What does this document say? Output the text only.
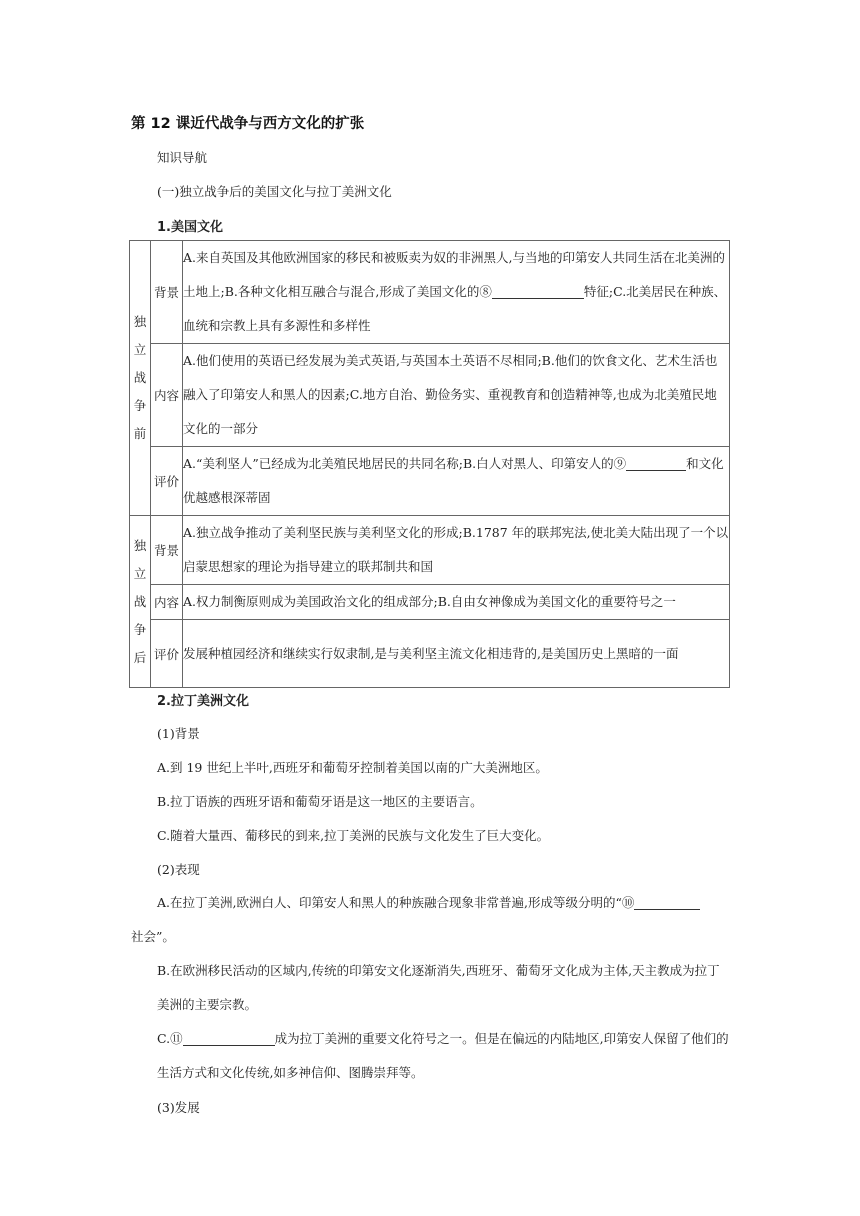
第 12 课近代战争与西方文化的扩张
知识导航
(一)独立战争后的美国文化与拉丁美洲文化
1.美国文化
独
立
战
争
前	背景	A.来自英国及其他欧洲国家的移民和被贩卖为奴的非洲黑人,与当地的印第安人共同生活在北美洲的土地上;B.各种文化相互融合与混合,形成了美国文化的⑧ 特征;C.北美居民在种族、血统和宗教上具有多源性和多样性
	内容	A.他们使用的英语已经发展为美式英语,与英国本土英语不尽相同;B.他们的饮食文化、艺术生活也融入了印第安人和黑人的因素;C.地方自治、勤俭务实、重视教育和创造精神等,也成为北美殖民地文化的一部分
	评价	A.“美利坚人”已经成为北美殖民地居民的共同名称;B.白人对黑人、印第安人的⑨ 和文化优越感根深蒂固
独
立
战
争
后	背景	A.独立战争推动了美利坚民族与美利坚文化的形成;B.1787 年的联邦宪法,使北美大陆出现了一个以启蒙思想家的理论为指导建立的联邦制共和国
	内容	A.权力制衡原则成为美国政治文化的组成部分;B.自由女神像成为美国文化的重要符号之一
	评价	发展种植园经济和继续实行奴隶制,是与美利坚主流文化相违背的,是美国历史上黑暗的一面
2.拉丁美洲文化
(1)背景
A.到 19 世纪上半叶,西班牙和葡萄牙控制着美国以南的广大美洲地区。
B.拉丁语族的西班牙语和葡萄牙语是这一地区的主要语言。
C.随着大量西、葡移民的到来,拉丁美洲的民族与文化发生了巨大变化。
(2)表现
A.在拉丁美洲,欧洲白人、印第安人和黑人的种族融合现象非常普遍,形成等级分明的“⑩
社会”。
B.在欧洲移民活动的区域内,传统的印第安文化逐渐消失,西班牙、葡萄牙文化成为主体,天主教成为拉丁美洲的主要宗教。
C.⑪	成为拉丁美洲的重要文化符号之一。但是在偏远的内陆地区,印第安人保留了他们的生活方式和文化传统,如多神信仰、图腾崇拜等。
(3)发展
